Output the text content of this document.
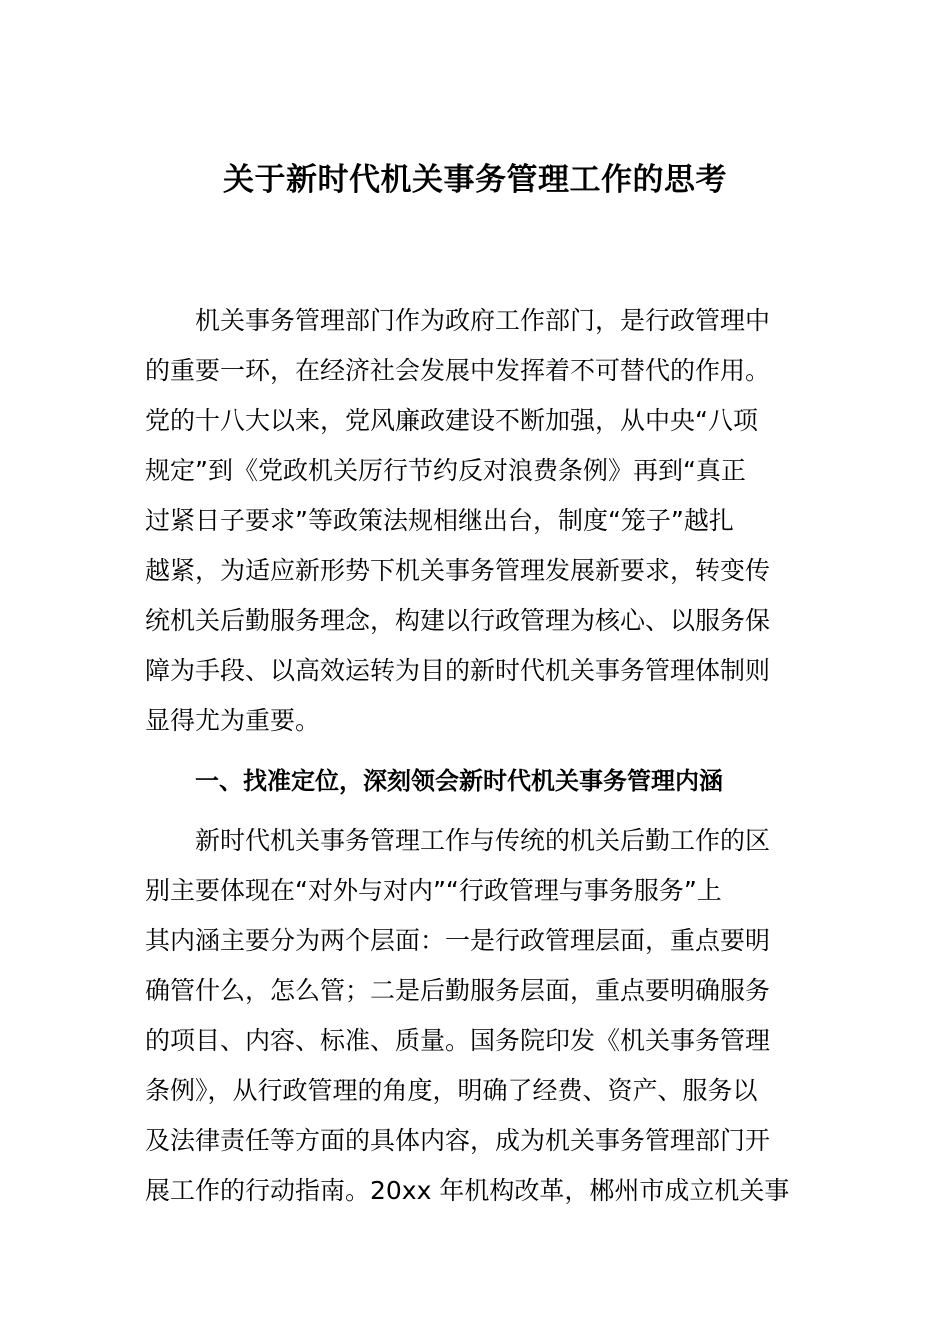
关于新时代机关事务管理工作的思考
机关事务管理部门作为政府工作部门，是行政管理中
的重要一环，在经济社会发展中发挥着不可替代的作用。
党的十八大以来，党风廉政建设不断加强，从中央“八项
规定”到《党政机关厉行节约反对浪费条例》再到“真正
过紧日子要求”等政策法规相继出台，制度“笼子”越扎
越紧，为适应新形势下机关事务管理发展新要求，转变传
统机关后勤服务理念，构建以行政管理为核心、以服务保
障为手段、以高效运转为目的新时代机关事务管理体制则
显得尤为重要。
一、找准定位，深刻领会新时代机关事务管理内涵
新时代机关事务管理工作与传统的机关后勤工作的区
别主要体现在“对外与对内”“行政管理与事务服务”上
其内涵主要分为两个层面：一是行政管理层面，重点要明
确管什么，怎么管；二是后勤服务层面，重点要明确服务
的项目、内容、标准、质量。国务院印发《机关事务管理
条例》，从行政管理的角度，明确了经费、资产、服务以
及法律责任等方面的具体内容，成为机关事务管理部门开
展工作的行动指南。20xx 年机构改革，郴州市成立机关事
